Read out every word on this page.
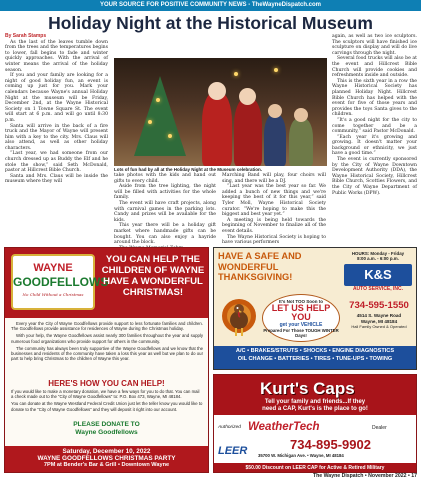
YOUR SOURCE FOR POSITIVE COMMUNITY NEWS - TheWayneDispatch.com
Holiday Night at the Historical Museum

By Sarah Stamps

As the last of the leaves tumble down from the trees and the temperatures begins to lower, fall begins to fade and winter quickly approaches. With the arrival of winter means the arrival of the holiday season.

If you and your family are looking for a night of good holiday fun, an event is coming up just for you. Mark your calendars because Wayne's annual Holiday Night at the museum will be Friday, December 2nd, at the Wayne Historical Society on 1 Towne Square St. The event will start at 6 p.m. and will go until 8:30 p.m.

Santa will arrive in the back of a fire truck and the Mayor of Wayne will present him with a key to the city. Mrs. Claus will also attend, as well as other holiday characters.

“Last year, we had someone from our church dressed up as Buddy the Elf and he stole the show,” said Seth McDonald, pastor at Hillcrest Bible Church.

Santa and Mrs. Claus will be inside the museum where they will

Lots of fun had by all at the Holiday Night at the Museum celebration.

take photos with the kids and hand out gifts to every child.

Aside from the tree lighting, the night will be filled with activities for the whole family.

The event will have craft projects, along with carnival games in the parking lots. Candy and prizes will be available for the kids.

This year there will be a holiday gift market where handmade gifts can be bought. You can also enjoy a hayride around the block.

Marching Band will play, four choirs will sing, and there will be a DJ.

“Last year was the best year so far. We added a bunch of new things and we're keeping the best of it for this year,” said Tyler Moll, Wayne Historical Society curator. “We're hoping to make this the biggest and best year yet.”

A meeting is being held towards the beginning of November to finalize all of the event details.

The Wayne Historical Society is hoping to have various performers

again, as well as two ice sculptors. The sculptors will have finished ice sculpture on display and will do live carvings through the night.

Several food trucks will also be at the event and Hillcrest Bible Church will provide cookies and refreshments inside and outside.

This is the sixth year in a row the Wayne Historical Society has planned Holiday Night. Hillcrest Bible Church has helped with the event for five of those years and provides the toys Santa gives to the children.

“It's a good night for the city to come together and be a community,” said Pastor McDonald.

“Each year it's growing and growing. It doesn't matter your background or ethnicity, we just have a good time.”

The event is currently sponsored by the City of Wayne Downtown Development Authority (DDA), the Wayne Historical Society, Hillcrest Bible Church, Scotties Flowers, and the City of Wayne Department of Public Works (DPW).

WAYNE
GOODFELLOWS
No Child Without a Christmas
YOU CAN HELP THE CHILDREN OF WAYNE HAVE A WONDERFUL CHRISTMAS!

Every year the City of Wayne Goodfellows provide support to less fortunate families and children. The Goodfellows provide assistance for residences of Wayne during the Christmas holiday.

With your help, the Wayne Goodfellows assist nearly 300 families throughout the year and supply numerous food organizations who provide support for others in the community.

The community has always been truly supportive of the Wayne Goodfellows and we know that the businesses and residents of the community have taken a loss this year as well but we plan to do our part to help bring Christmas to the children of Wayne this year.

HERE'S HOW YOU CAN HELP!

If you would like to make a monetary donation, we have a few ways for you to do that. You can mail a check made out to the “City of Wayne Goodfellows” to: P.O. Box 473, Wayne, MI 48184.

You can donate at the Wayne Westland Federal Credit Union just let the teller know you would like to donate to the “City of Wayne Goodfellows” and they will deposit it right into our account.

PLEASE DONATE TO
Wayne Goodfellows
Saturday, December 10, 2022
WAYNE GOODFELLOWS CHRISTMAS PARTY
7PM at Bender's Bar & Grill • Downtown Wayne
HAVE A SAFE AND WONDERFUL THANKSGIVING!
HOURS: Monday - Friday
8:00 a.m. - 6:00 p.m.
K&S
AUTO SERVICE, INC.
It's Not TOO Soon to
LET US HELP YOU
get your VEHICLE
Prepared For Those TOUGH WINTER Days!
734-595-1550
4514 S. Wayne Road
Wayne, MI 48184
Hall Family Owned & Operated
A/C • BRAKES/STRUTS • SHOCKS • ENGINE DIAGNOSTICS
OIL CHANGE • BATTERIES • TIRES • TUNE-UPS • TOWING
Kurt's Caps
Tell your family and friends...If they
need a CAP, Kurt's is the place to go!
Authorized WeatherTech	Dealer
LEER	734-895-9902
35700 W. Michigan Ave. • Wayne, MI 48184
$50.00 Discount on LEER CAP for Active & Retired Military
The Wayne Dispatch • November 2022 • 17
